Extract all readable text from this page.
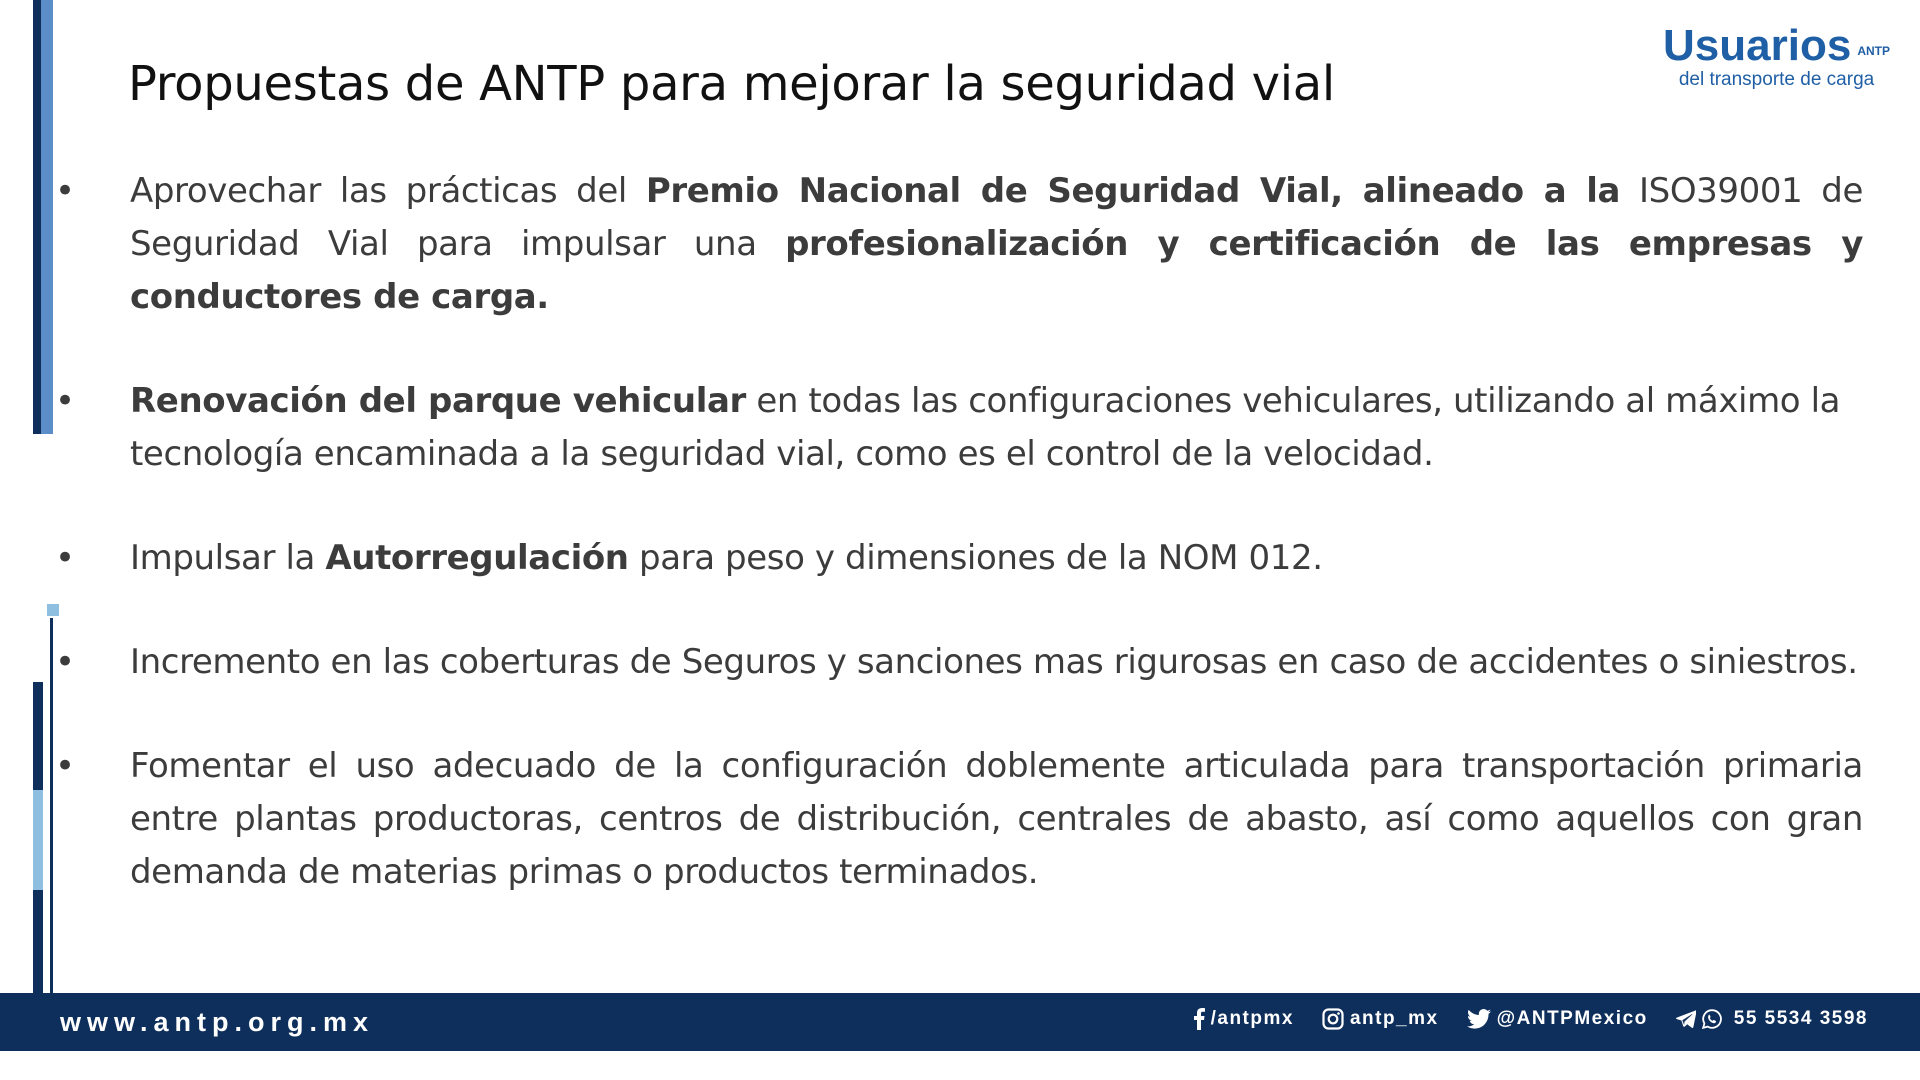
Usuarios $_{ANTP}$
del transporte de carga
Propuestas de ANTP para mejorar la seguridad vial
• Aprovechar las prácticas del Premio Nacional de Seguridad Vial, alineado a la ISO39001 de Seguridad Vial para impulsar una profesionalización y certificación de las empresas y conductores de carga.
• Renovación del parque vehicular en todas las configuraciones vehiculares, utilizando al máximo la tecnología encaminada a la seguridad vial, como es el control de la velocidad.
• Impulsar la Autorregulación para peso y dimensiones de la NOM 012.
• Incremento en las coberturas de Seguros y sanciones mas rigurosas en caso de accidentes o siniestros.
• Fomentar el uso adecuado de la configuración doblemente articulada para transportación primaria entre plantas productoras, centros de distribución, centrales de abasto, así como aquellos con gran demanda de materias primas o productos terminados.
www.antp.org.mx	/antpmx	antp_mx	@ANTPMexico	55 5534 3598
